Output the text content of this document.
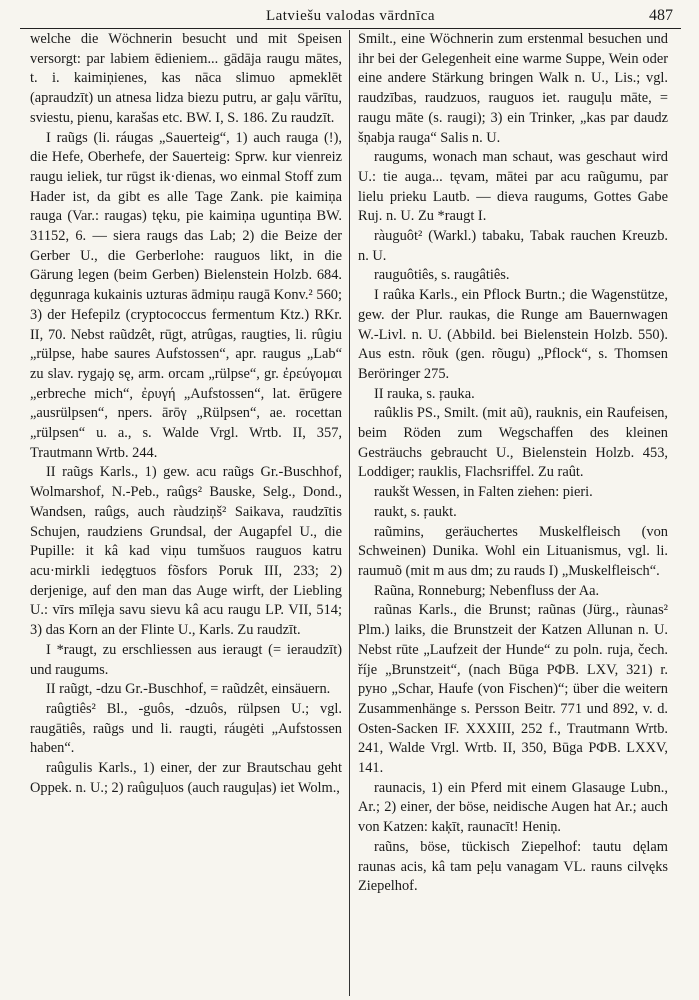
Latviešu valodas vārdnīca	487

welche die Wöchnerin besucht und mit Speisen versorgt: par labiem ēdieniem... gādāja raugu mātes, t. i. kaimiņienes, kas nāca slimuo apmeklēt (apraudzīt) un atnesa lidza biezu putru, ar gaļu vārītu, sviestu, pienu, karašas etc. BW. I, S. 186. Zu raudzīt.

I raũgs (li. ráugas „Sauerteig“, 1) auch rauga (!), die Hefe, Oberhefe, der Sauerteig: Sprw. kur vienreiz raugu ieliek, tur rūgst ik·dienas, wo einmal Stoff zum Hader ist, da gibt es alle Tage Zank. pie kaimiņa rauga (Var.: raugas) tęku, pie kaimiņa uguntiņa BW. 31152, 6. — siera raugs das Lab; 2) die Beize der Gerber U., die Gerberlohe: rauguos likt, in die Gärung legen (beim Gerben) Bielenstein Holzb. 684. dęgunraga kukainis uzturas ādmiņu raugā Konv.² 560; 3) der Hefepilz (cryptococcus fermentum Ktz.) RKr. II, 70. Nebst raũdzêt, rūgt, atrûgas, raugties, li. rûgiu „rülpse, habe saures Aufstossen“, apr. raugus „Lab“ zu slav. rygajǫ sę, arm. orcam „rülpse“, gr. ἐρεύγομαι „erbreche mich“, ἐρυγή „Aufstossen“, lat. ērūgere „ausrülpsen“, npers. ārōγ „Rülpsen“, ae. rocettan „rülpsen“ u. a., s. Walde Vrgl. Wrtb. II, 357, Trautmann Wrtb. 244.

II raũgs Karls., 1) gew. acu raũgs Gr.-Buschhof, Wolmarshof, N.-Peb., raûgs² Bauske, Selg., Dond., Wandsen, raûgs, auch ràudziņš² Saikava, raudzītis Schujen, raudziens Grundsal, der Augapfel U., die Pupille: it kâ kad viņu tumšuos rauguos katru acu·mirkli iedęgtuos fõsfors Poruk III, 233; 2) derjenige, auf den man das Auge wirft, der Liebling U.: vīrs mīlęja savu sievu kâ acu raugu LP. VII, 514; 3) das Korn an der Flinte U., Karls. Zu raudzīt.

I *raugt, zu erschliessen aus ieraugt (= ieraudzīt) und raugums.

II raũgt, -dzu Gr.-Buschhof, = raũdzêt, einsäuern.

raûgtiês² Bl., -guôs, -dzuôs, rülpsen U.; vgl. raugātiês, raũgs und li. raugti, ráugėti „Aufstossen haben“.

raûgulis Karls., 1) einer, der zur Brautschau geht Oppek. n. U.; 2) raûguļuos (auch rauguļas) iet Wolm.,

Smilt., eine Wöchnerin zum erstenmal besuchen und ihr bei der Gelegenheit eine warme Suppe, Wein oder eine andere Stärkung bringen Walk n. U., Lis.; vgl. raudzības, raudzuos, rauguos iet. rauguļu māte, = raugu māte (s. raugi); 3) ein Trinker, „kas par daudz šņabja rauga“ Salis n. U.

raugums, wonach man schaut, was geschaut wird U.: tie auga... tęvam, mātei par acu raũgumu, par lielu prieku Lautb. — dieva raugums, Gottes Gabe Ruj. n. U. Zu *raugt I.

ràuguôt² (Warkl.) tabaku, Tabak rauchen Kreuzb. n. U.

rauguôtiês, s. raugâtiês.

I raûka Karls., ein Pflock Burtn.; die Wagenstütze, gew. der Plur. raukas, die Runge am Bauernwagen W.-Livl. n. U. (Abbild. bei Bielenstein Holzb. 550). Aus estn. rõuk (gen. rõugu) „Pflock“, s. Thomsen Beröringer 275.

II rauka, s. ŗauka.

raûklis PS., Smilt. (mit aũ), rauknis, ein Raufeisen, beim Röden zum Wegschaffen des kleinen Gesträuchs gebraucht U., Bielenstein Holzb. 453, Loddiger; rauklis, Flachsriffel. Zu raût.

raukšt Wessen, in Falten ziehen: pieri.

raukt, s. ŗaukt.

raũmins, geräuchertes Muskelfleisch (von Schweinen) Dunika. Wohl ein Lituanismus, vgl. li. raumuõ (mit m aus dm; zu rauds I) „Muskelfleisch“.

Raũna, Ronneburg; Nebenfluss der Aa.

raũnas Karls., die Brunst; raũnas (Jürg., ràunas² Plm.) laiks, die Brunstzeit der Katzen Allunan n. U. Nebst rūte „Laufzeit der Hunde“ zu poln. ruja, čech. říje „Brunstzeit“, (nach Būga РФВ. LXV, 321) r. руно „Schar, Haufe (von Fischen)“; über die weitern Zusammenhänge s. Persson Beitr. 771 und 892, v. d. Osten-Sacken IF. XXXIII, 252 f., Trautmann Wrtb. 241, Walde Vrgl. Wrtb. II, 350, Būga РФВ. LXXV, 141.

raunacis, 1) ein Pferd mit einem Glasauge Lubn., Ar.; 2) einer, der böse, neidische Augen hat Ar.; auch von Katzen: kaķīt, raunacīt! Heniņ.

raũns, böse, tückisch Ziepelhof: tautu dęlam raunas acis, kâ tam peļu vanagam VL. rauns cilvęks Ziepelhof.
